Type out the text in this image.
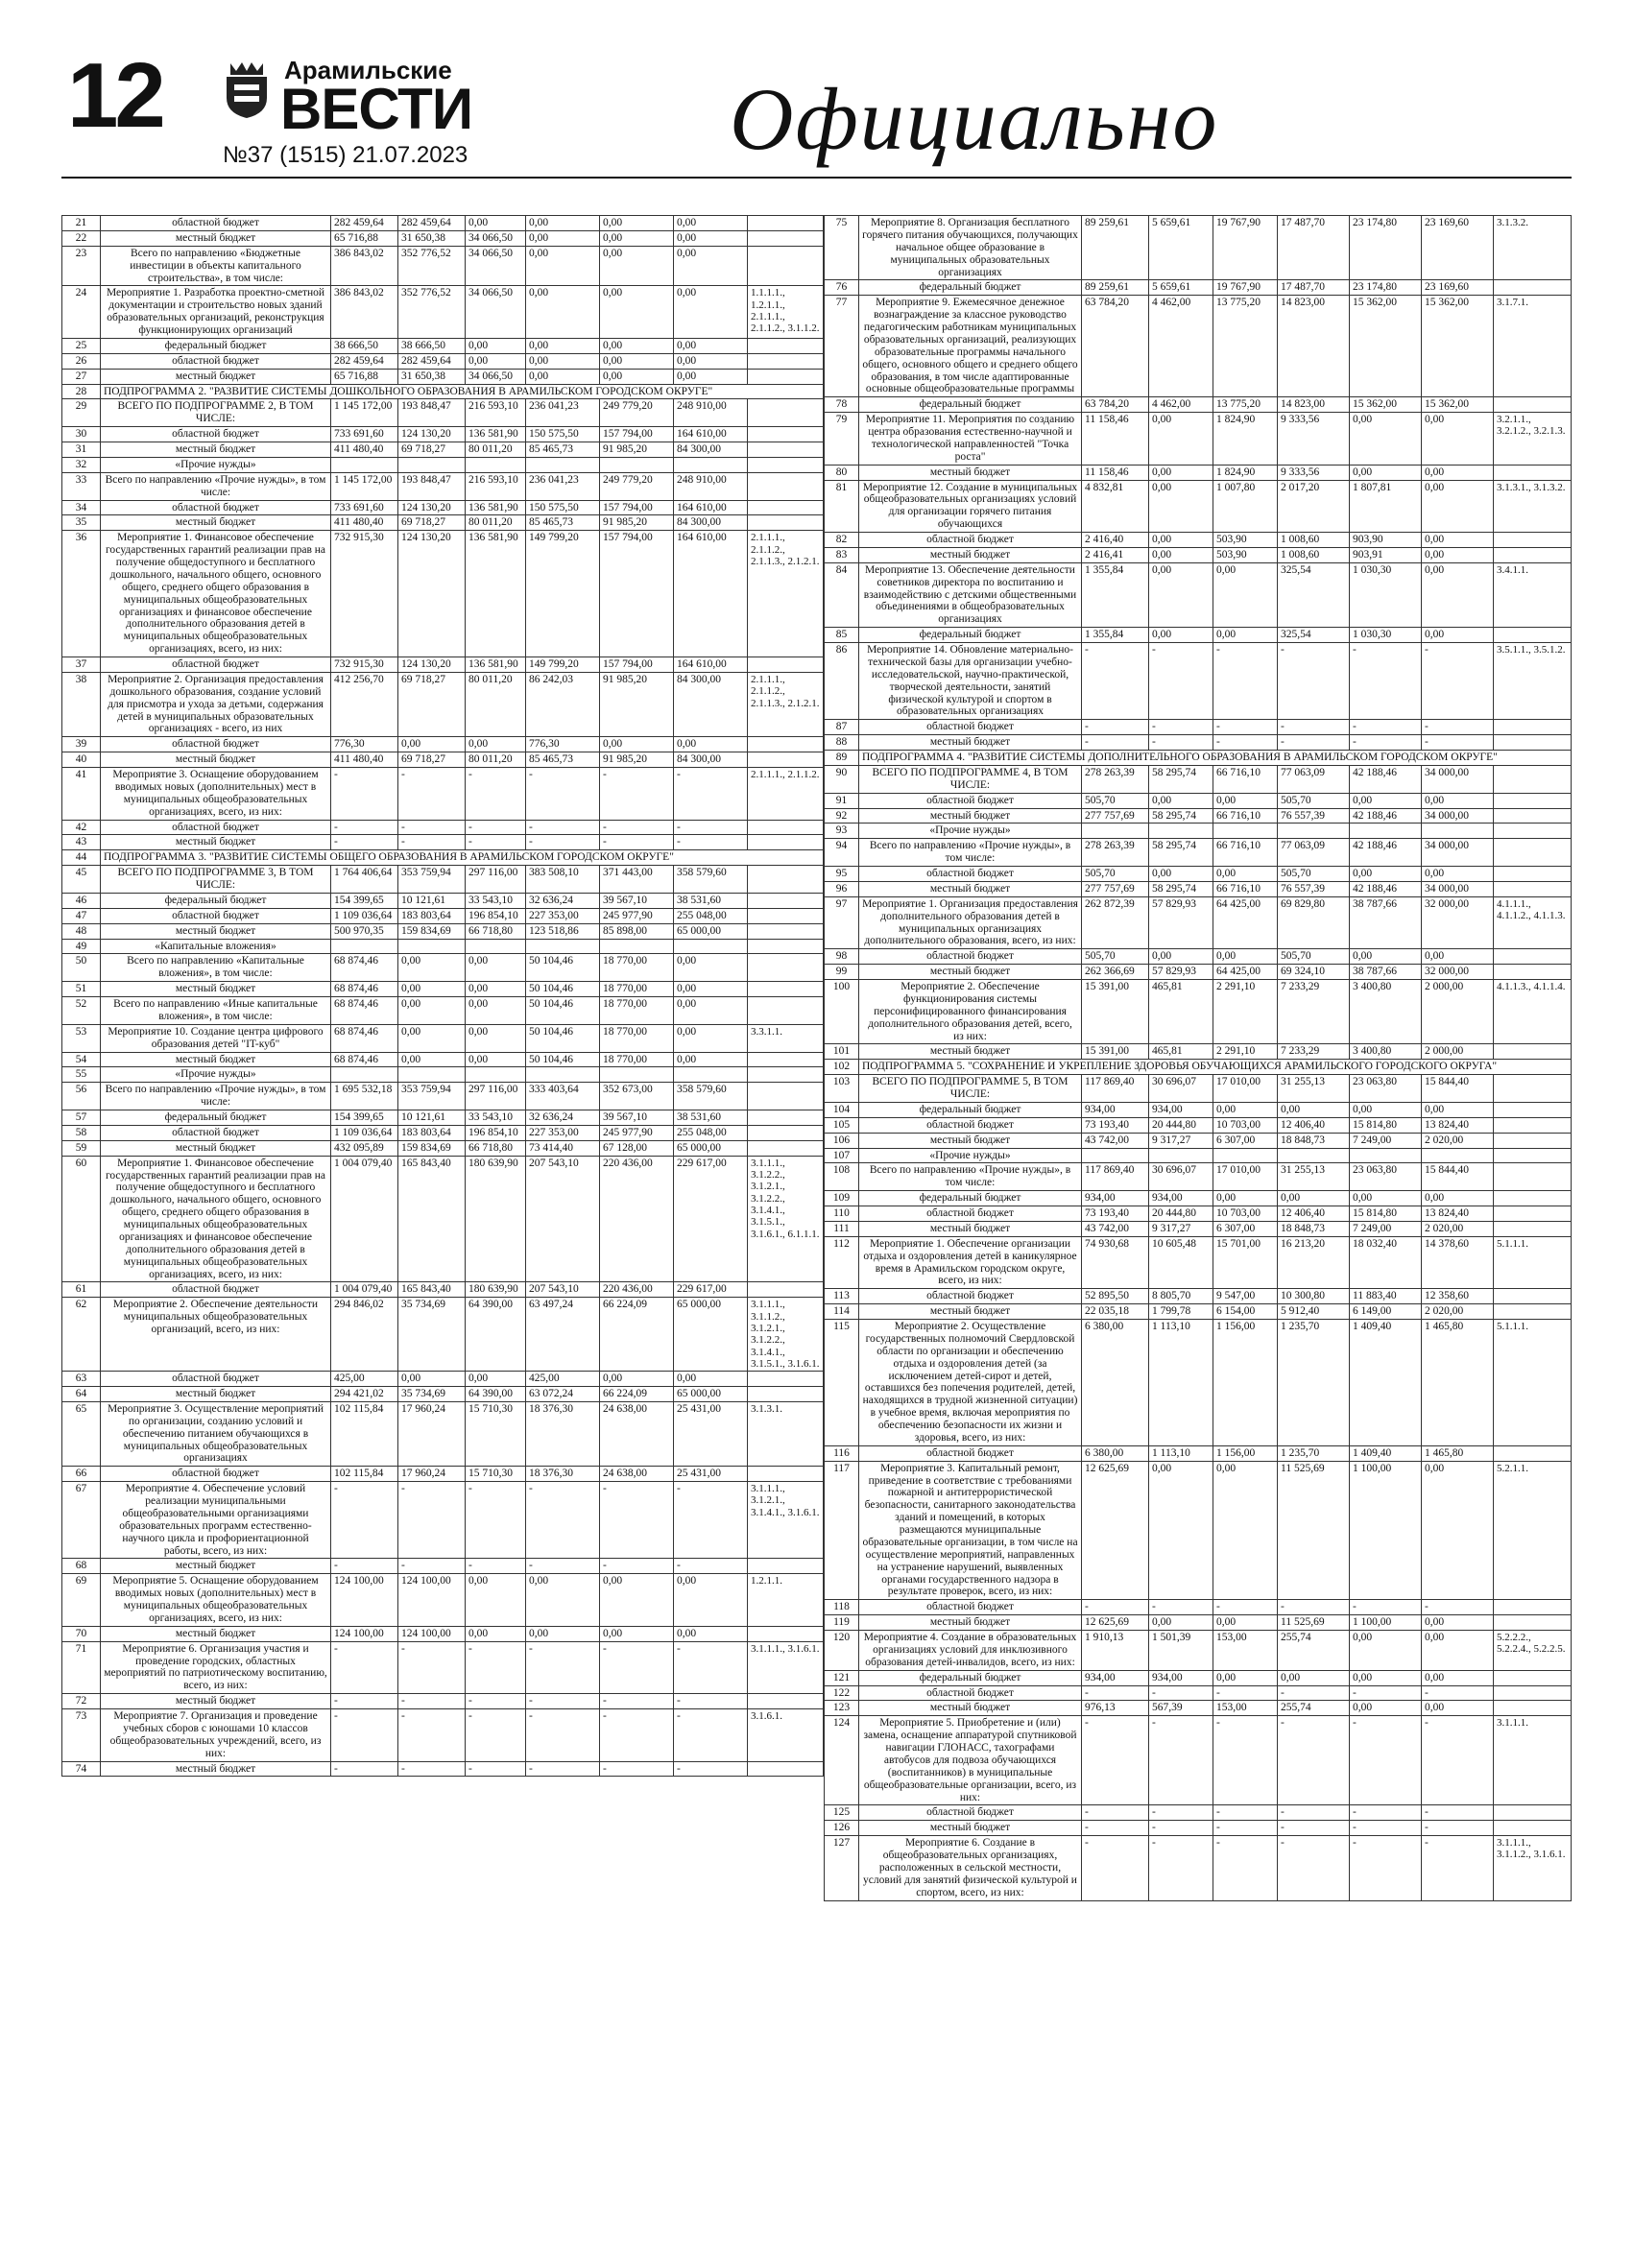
12	Арамильские
ВЕСТИ
№37 (1515) 21.07.2023	Официально
21	областной бюджет	282 459,64	282 459,64	0,00	0,00	0,00	0,00	
22	местный бюджет	65 716,88	31 650,38	34 066,50	0,00	0,00	0,00	
23	Всего по направлению «Бюджетные инвестиции в объекты капитального строительства», в том числе:	386 843,02	352 776,52	34 066,50	0,00	0,00	0,00	
24	Мероприятие 1. Разработка проектно-сметной документации и строительство новых зданий образовательных организаций, реконструкция функционирующих организаций	386 843,02	352 776,52	34 066,50	0,00	0,00	0,00	1.1.1.1., 1.2.1.1., 2.1.1.1., 2.1.1.2., 3.1.1.2.
25	федеральный бюджет	38 666,50	38 666,50	0,00	0,00	0,00	0,00	
26	областной бюджет	282 459,64	282 459,64	0,00	0,00	0,00	0,00	
27	местный бюджет	65 716,88	31 650,38	34 066,50	0,00	0,00	0,00	
28	ПОДПРОГРАММА 2. "РАЗВИТИЕ СИСТЕМЫ ДОШКОЛЬНОГО ОБРАЗОВАНИЯ В АРАМИЛЬСКОМ ГОРОДСКОМ ОКРУГЕ"							
29	ВСЕГО ПО ПОДПРОГРАММЕ 2, В ТОМ ЧИСЛЕ:	1 145 172,00	193 848,47	216 593,10	236 041,23	249 779,20	248 910,00	
30	областной бюджет	733 691,60	124 130,20	136 581,90	150 575,50	157 794,00	164 610,00	
31	местный бюджет	411 480,40	69 718,27	80 011,20	85 465,73	91 985,20	84 300,00	
32	«Прочие нужды»							
33	Всего по направлению «Прочие нужды», в том числе:	1 145 172,00	193 848,47	216 593,10	236 041,23	249 779,20	248 910,00	
34	областной бюджет	733 691,60	124 130,20	136 581,90	150 575,50	157 794,00	164 610,00	
35	местный бюджет	411 480,40	69 718,27	80 011,20	85 465,73	91 985,20	84 300,00	
36	Мероприятие 1. Финансовое обеспечение государственных гарантий реализации прав на получение общедоступного и бесплатного дошкольного, начального общего, основного общего, среднего общего образования в муниципальных общеобразовательных организациях и финансовое обеспечение дополнительного образования детей в муниципальных общеобразовательных организациях, всего, из них:	732 915,30	124 130,20	136 581,90	149 799,20	157 794,00	164 610,00	2.1.1.1., 2.1.1.2., 2.1.1.3., 2.1.2.1.
37	областной бюджет	732 915,30	124 130,20	136 581,90	149 799,20	157 794,00	164 610,00	
38	Мероприятие 2. Организация предоставления дошкольного образования, создание условий для присмотра и ухода за детьми, содержания детей в муниципальных образовательных организациях - всего, из них	412 256,70	69 718,27	80 011,20	86 242,03	91 985,20	84 300,00	2.1.1.1., 2.1.1.2., 2.1.1.3., 2.1.2.1.
39	областной бюджет	776,30	0,00	0,00	776,30	0,00	0,00	
40	местный бюджет	411 480,40	69 718,27	80 011,20	85 465,73	91 985,20	84 300,00	
41	Мероприятие 3. Оснащение оборудованием вводимых новых (дополнительных) мест в муниципальных общеобразовательных организациях, всего, из них:	-	-	-	-	-	-	2.1.1.1., 2.1.1.2.
42	областной бюджет	-	-	-	-	-	-	
43	местный бюджет	-	-	-	-	-	-	
44	ПОДПРОГРАММА 3. "РАЗВИТИЕ СИСТЕМЫ ОБЩЕГО ОБРАЗОВАНИЯ В АРАМИЛЬСКОМ ГОРОДСКОМ ОКРУГЕ"							
45	ВСЕГО ПО ПОДПРОГРАММЕ 3, В ТОМ ЧИСЛЕ:	1 764 406,64	353 759,94	297 116,00	383 508,10	371 443,00	358 579,60	
46	федеральный бюджет	154 399,65	10 121,61	33 543,10	32 636,24	39 567,10	38 531,60	
47	областной бюджет	1 109 036,64	183 803,64	196 854,10	227 353,00	245 977,90	255 048,00	
48	местный бюджет	500 970,35	159 834,69	66 718,80	123 518,86	85 898,00	65 000,00	
49	«Капитальные вложения»							
50	Всего по направлению «Капитальные вложения», в том числе:	68 874,46	0,00	0,00	50 104,46	18 770,00	0,00	
51	местный бюджет	68 874,46	0,00	0,00	50 104,46	18 770,00	0,00	
52	Всего по направлению «Иные капитальные вложения», в том числе:	68 874,46	0,00	0,00	50 104,46	18 770,00	0,00	
53	Мероприятие 10. Создание центра цифрового образования детей "IT-куб"	68 874,46	0,00	0,00	50 104,46	18 770,00	0,00	3.3.1.1.
54	местный бюджет	68 874,46	0,00	0,00	50 104,46	18 770,00	0,00	
55	«Прочие нужды»							
56	Всего по направлению «Прочие нужды», в том числе:	1 695 532,18	353 759,94	297 116,00	333 403,64	352 673,00	358 579,60	
57	федеральный бюджет	154 399,65	10 121,61	33 543,10	32 636,24	39 567,10	38 531,60	
58	областной бюджет	1 109 036,64	183 803,64	196 854,10	227 353,00	245 977,90	255 048,00	
59	местный бюджет	432 095,89	159 834,69	66 718,80	73 414,40	67 128,00	65 000,00	
60	Мероприятие 1. Финансовое обеспечение государственных гарантий реализации прав на получение общедоступного и бесплатного дошкольного, начального общего, основного общего, среднего общего образования в муниципальных общеобразовательных организациях и финансовое обеспечение дополнительного образования детей в муниципальных общеобразовательных организациях, всего, из них:	1 004 079,40	165 843,40	180 639,90	207 543,10	220 436,00	229 617,00	3.1.1.1., 3.1.2.2., 3.1.2.1., 3.1.2.2., 3.1.4.1., 3.1.5.1., 3.1.6.1., 6.1.1.1.
61	областной бюджет	1 004 079,40	165 843,40	180 639,90	207 543,10	220 436,00	229 617,00	
62	Мероприятие 2. Обеспечение деятельности муниципальных общеобразовательных организаций, всего, из них:	294 846,02	35 734,69	64 390,00	63 497,24	66 224,09	65 000,00	3.1.1.1., 3.1.1.2., 3.1.2.1., 3.1.2.2., 3.1.4.1., 3.1.5.1., 3.1.6.1.
63	областной бюджет	425,00	0,00	0,00	425,00	0,00	0,00	
64	местный бюджет	294 421,02	35 734,69	64 390,00	63 072,24	66 224,09	65 000,00	
65	Мероприятие 3. Осуществление мероприятий по организации, созданию условий и обеспечению питанием обучающихся в муниципальных общеобразовательных организациях	102 115,84	17 960,24	15 710,30	18 376,30	24 638,00	25 431,00	3.1.3.1.
66	областной бюджет	102 115,84	17 960,24	15 710,30	18 376,30	24 638,00	25 431,00	
67	Мероприятие 4. Обеспечение условий реализации муниципальными общеобразовательными организациями образовательных программ естественно-научного цикла и профориентационной работы, всего, из них:	-	-	-	-	-	-	3.1.1.1., 3.1.2.1., 3.1.4.1., 3.1.6.1.
68	местный бюджет	-	-	-	-	-	-	
69	Мероприятие 5. Оснащение оборудованием вводимых новых (дополнительных) мест в муниципальных общеобразовательных организациях, всего, из них:	124 100,00	124 100,00	0,00	0,00	0,00	0,00	1.2.1.1.
70	местный бюджет	124 100,00	124 100,00	0,00	0,00	0,00	0,00	
71	Мероприятие 6. Организация участия и проведение городских, областных мероприятий по патриотическому воспитанию, всего, из них:	-	-	-	-	-	-	3.1.1.1., 3.1.6.1.
72	местный бюджет	-	-	-	-	-	-	
73	Мероприятие 7. Организация и проведение учебных сборов с юношами 10 классов общеобразовательных учреждений, всего, из них:	-	-	-	-	-	-	3.1.6.1.
74	местный бюджет	-	-	-	-	-	-	
75	Мероприятие 8. Организация бесплатного горячего питания обучающихся, получающих начальное общее образование в муниципальных образовательных организациях	89 259,61	5 659,61	19 767,90	17 487,70	23 174,80	23 169,60	3.1.3.2.
76	федеральный бюджет	89 259,61	5 659,61	19 767,90	17 487,70	23 174,80	23 169,60	
77	Мероприятие 9. Ежемесячное денежное вознаграждение за классное руководство педагогическим работникам муниципальных образовательных организаций, реализующих образовательные программы начального общего, основного общего и среднего общего образования, в том числе адаптированные основные общеобразовательные программы	63 784,20	4 462,00	13 775,20	14 823,00	15 362,00	15 362,00	3.1.7.1.
78	федеральный бюджет	63 784,20	4 462,00	13 775,20	14 823,00	15 362,00	15 362,00	
79	Мероприятие 11. Мероприятия по созданию центра образования естественно-научной и технологической направленностей "Точка роста"	11 158,46	0,00	1 824,90	9 333,56	0,00	0,00	3.2.1.1., 3.2.1.2., 3.2.1.3.
80	местный бюджет	11 158,46	0,00	1 824,90	9 333,56	0,00	0,00	
81	Мероприятие 12. Создание в муниципальных общеобразовательных организациях условий для организации горячего питания обучающихся	4 832,81	0,00	1 007,80	2 017,20	1 807,81	0,00	3.1.3.1., 3.1.3.2.
82	областной бюджет	2 416,40	0,00	503,90	1 008,60	903,90	0,00	
83	местный бюджет	2 416,41	0,00	503,90	1 008,60	903,91	0,00	
84	Мероприятие 13. Обеспечение деятельности советников директора по воспитанию и взаимодействию с детскими общественными объединениями в общеобразовательных организациях	1 355,84	0,00	0,00	325,54	1 030,30	0,00	3.4.1.1.
85	федеральный бюджет	1 355,84	0,00	0,00	325,54	1 030,30	0,00	
86	Мероприятие 14. Обновление материально-технической базы для организации учебно-исследовательской, научно-практической, творческой деятельности, занятий физической культурой и спортом в образовательных организациях	-	-	-	-	-	-	3.5.1.1., 3.5.1.2.
87	областной бюджет	-	-	-	-	-	-	
88	местный бюджет	-	-	-	-	-	-	
89	ПОДПРОГРАММА 4. "РАЗВИТИЕ СИСТЕМЫ ДОПОЛНИТЕЛЬНОГО ОБРАЗОВАНИЯ В АРАМИЛЬСКОМ ГОРОДСКОМ ОКРУГЕ"							
90	ВСЕГО ПО ПОДПРОГРАММЕ 4, В ТОМ ЧИСЛЕ:	278 263,39	58 295,74	66 716,10	77 063,09	42 188,46	34 000,00	
91	областной бюджет	505,70	0,00	0,00	505,70	0,00	0,00	
92	местный бюджет	277 757,69	58 295,74	66 716,10	76 557,39	42 188,46	34 000,00	
93	«Прочие нужды»							
94	Всего по направлению «Прочие нужды», в том числе:	278 263,39	58 295,74	66 716,10	77 063,09	42 188,46	34 000,00	
95	областной бюджет	505,70	0,00	0,00	505,70	0,00	0,00	
96	местный бюджет	277 757,69	58 295,74	66 716,10	76 557,39	42 188,46	34 000,00	
97	Мероприятие 1. Организация предоставления дополнительного образования детей в муниципальных организациях дополнительного образования, всего, из них:	262 872,39	57 829,93	64 425,00	69 829,80	38 787,66	32 000,00	4.1.1.1., 4.1.1.2., 4.1.1.3.
98	областной бюджет	505,70	0,00	0,00	505,70	0,00	0,00	
99	местный бюджет	262 366,69	57 829,93	64 425,00	69 324,10	38 787,66	32 000,00	
100	Мероприятие 2. Обеспечение функционирования системы персонифицированного финансирования дополнительного образования детей, всего, из них:	15 391,00	465,81	2 291,10	7 233,29	3 400,80	2 000,00	4.1.1.3., 4.1.1.4.
101	местный бюджет	15 391,00	465,81	2 291,10	7 233,29	3 400,80	2 000,00	
102	ПОДПРОГРАММА 5. "СОХРАНЕНИЕ И УКРЕПЛЕНИЕ ЗДОРОВЬЯ ОБУЧАЮЩИХСЯ АРАМИЛЬСКОГО ГОРОДСКОГО ОКРУГА"							
103	ВСЕГО ПО ПОДПРОГРАММЕ 5, В ТОМ ЧИСЛЕ:	117 869,40	30 696,07	17 010,00	31 255,13	23 063,80	15 844,40	
104	федеральный бюджет	934,00	934,00	0,00	0,00	0,00	0,00	
105	областной бюджет	73 193,40	20 444,80	10 703,00	12 406,40	15 814,80	13 824,40	
106	местный бюджет	43 742,00	9 317,27	6 307,00	18 848,73	7 249,00	2 020,00	
107	«Прочие нужды»							
108	Всего по направлению «Прочие нужды», в том числе:	117 869,40	30 696,07	17 010,00	31 255,13	23 063,80	15 844,40	
109	федеральный бюджет	934,00	934,00	0,00	0,00	0,00	0,00	
110	областной бюджет	73 193,40	20 444,80	10 703,00	12 406,40	15 814,80	13 824,40	
111	местный бюджет	43 742,00	9 317,27	6 307,00	18 848,73	7 249,00	2 020,00	
112	Мероприятие 1. Обеспечение организации отдыха и оздоровления детей в каникулярное время в Арамильском городском округе, всего, из них:	74 930,68	10 605,48	15 701,00	16 213,20	18 032,40	14 378,60	5.1.1.1.
113	областной бюджет	52 895,50	8 805,70	9 547,00	10 300,80	11 883,40	12 358,60	
114	местный бюджет	22 035,18	1 799,78	6 154,00	5 912,40	6 149,00	2 020,00	
115	Мероприятие 2. Осуществление государственных полномочий Свердловской области по организации и обеспечению отдыха и оздоровления детей (за исключением детей-сирот и детей, оставшихся без попечения родителей, детей, находящихся в трудной жизненной ситуации) в учебное время, включая мероприятия по обеспечению безопасности их жизни и здоровья, всего, из них:	6 380,00	1 113,10	1 156,00	1 235,70	1 409,40	1 465,80	5.1.1.1.
116	областной бюджет	6 380,00	1 113,10	1 156,00	1 235,70	1 409,40	1 465,80	
117	Мероприятие 3. Капитальный ремонт, приведение в соответствие с требованиями пожарной и антитеррористической безопасности, санитарного законодательства зданий и помещений, в которых размещаются муниципальные образовательные организации, в том числе на осуществление мероприятий, направленных на устранение нарушений, выявленных органами государственного надзора в результате проверок, всего, из них:	12 625,69	0,00	0,00	11 525,69	1 100,00	0,00	5.2.1.1.
118	областной бюджет	-	-	-	-	-	-	
119	местный бюджет	12 625,69	0,00	0,00	11 525,69	1 100,00	0,00	
120	Мероприятие 4. Создание в образовательных организациях условий для инклюзивного образования детей-инвалидов, всего, из них:	1 910,13	1 501,39	153,00	255,74	0,00	0,00	5.2.2.2., 5.2.2.4., 5.2.2.5.
121	федеральный бюджет	934,00	934,00	0,00	0,00	0,00	0,00	
122	областной бюджет	-	-	-	-	-	-	
123	местный бюджет	976,13	567,39	153,00	255,74	0,00	0,00	
124	Мероприятие 5. Приобретение и (или) замена, оснащение аппаратурой спутниковой навигации ГЛОНАСС, тахографами автобусов для подвоза обучающихся (воспитанников) в муниципальные общеобразовательные организации, всего, из них:	-	-	-	-	-	-	3.1.1.1.
125	областной бюджет	-	-	-	-	-	-	
126	местный бюджет	-	-	-	-	-	-	
127	Мероприятие 6. Создание в общеобразовательных организациях, расположенных в сельской местности, условий для занятий физической культурой и спортом, всего, из них:	-	-	-	-	-	-	3.1.1.1., 3.1.1.2., 3.1.6.1.
